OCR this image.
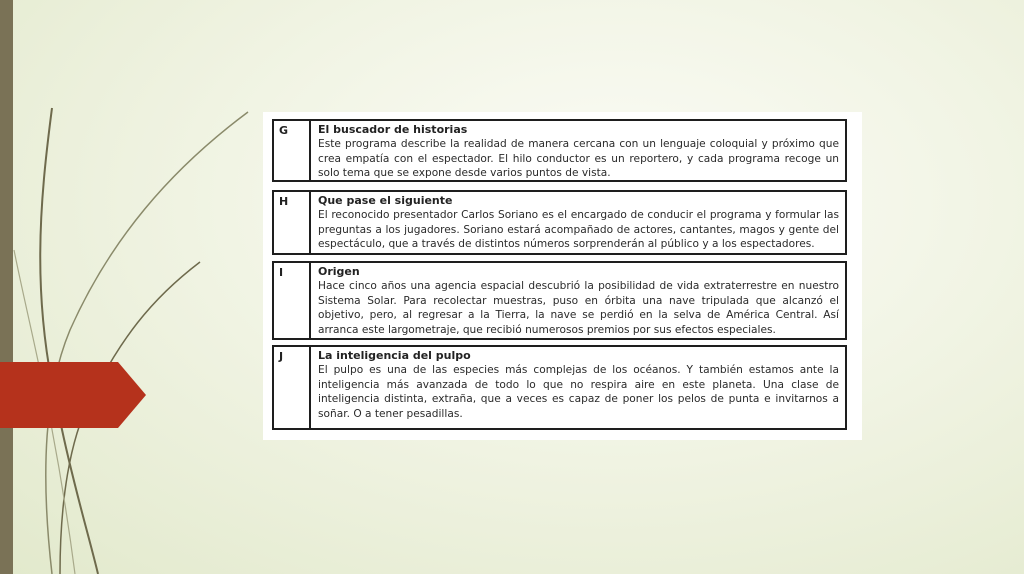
G	El buscador de historias
Este programa describe la realidad de manera cercana con un lenguaje coloquial y próximo que crea empatía con el espectador. El hilo conductor es un reportero, y cada programa recoge un solo tema que se expone desde varios puntos de vista.
H	Que pase el siguiente
El reconocido presentador Carlos Soriano es el encargado de conducir el programa y formular las preguntas a los jugadores. Soriano estará acompañado de actores, cantantes, magos y gente del espectáculo, que a través de distintos números sorprenderán al público y a los espectadores.
I	Origen
Hace cinco años una agencia espacial descubrió la posibilidad de vida extraterrestre en nuestro Sistema Solar. Para recolectar muestras, puso en órbita una nave tripulada que alcanzó el objetivo, pero, al regresar a la Tierra, la nave se perdió en la selva de América Central. Así arranca este largometraje, que recibió numerosos premios por sus efectos especiales.
J	La inteligencia del pulpo
El pulpo es una de las especies más complejas de los océanos. Y también estamos ante la inteligencia más avanzada de todo lo que no respira aire en este planeta. Una clase de inteligencia distinta, extraña, que a veces es capaz de poner los pelos de punta e invitarnos a soñar. O a tener pesadillas.
